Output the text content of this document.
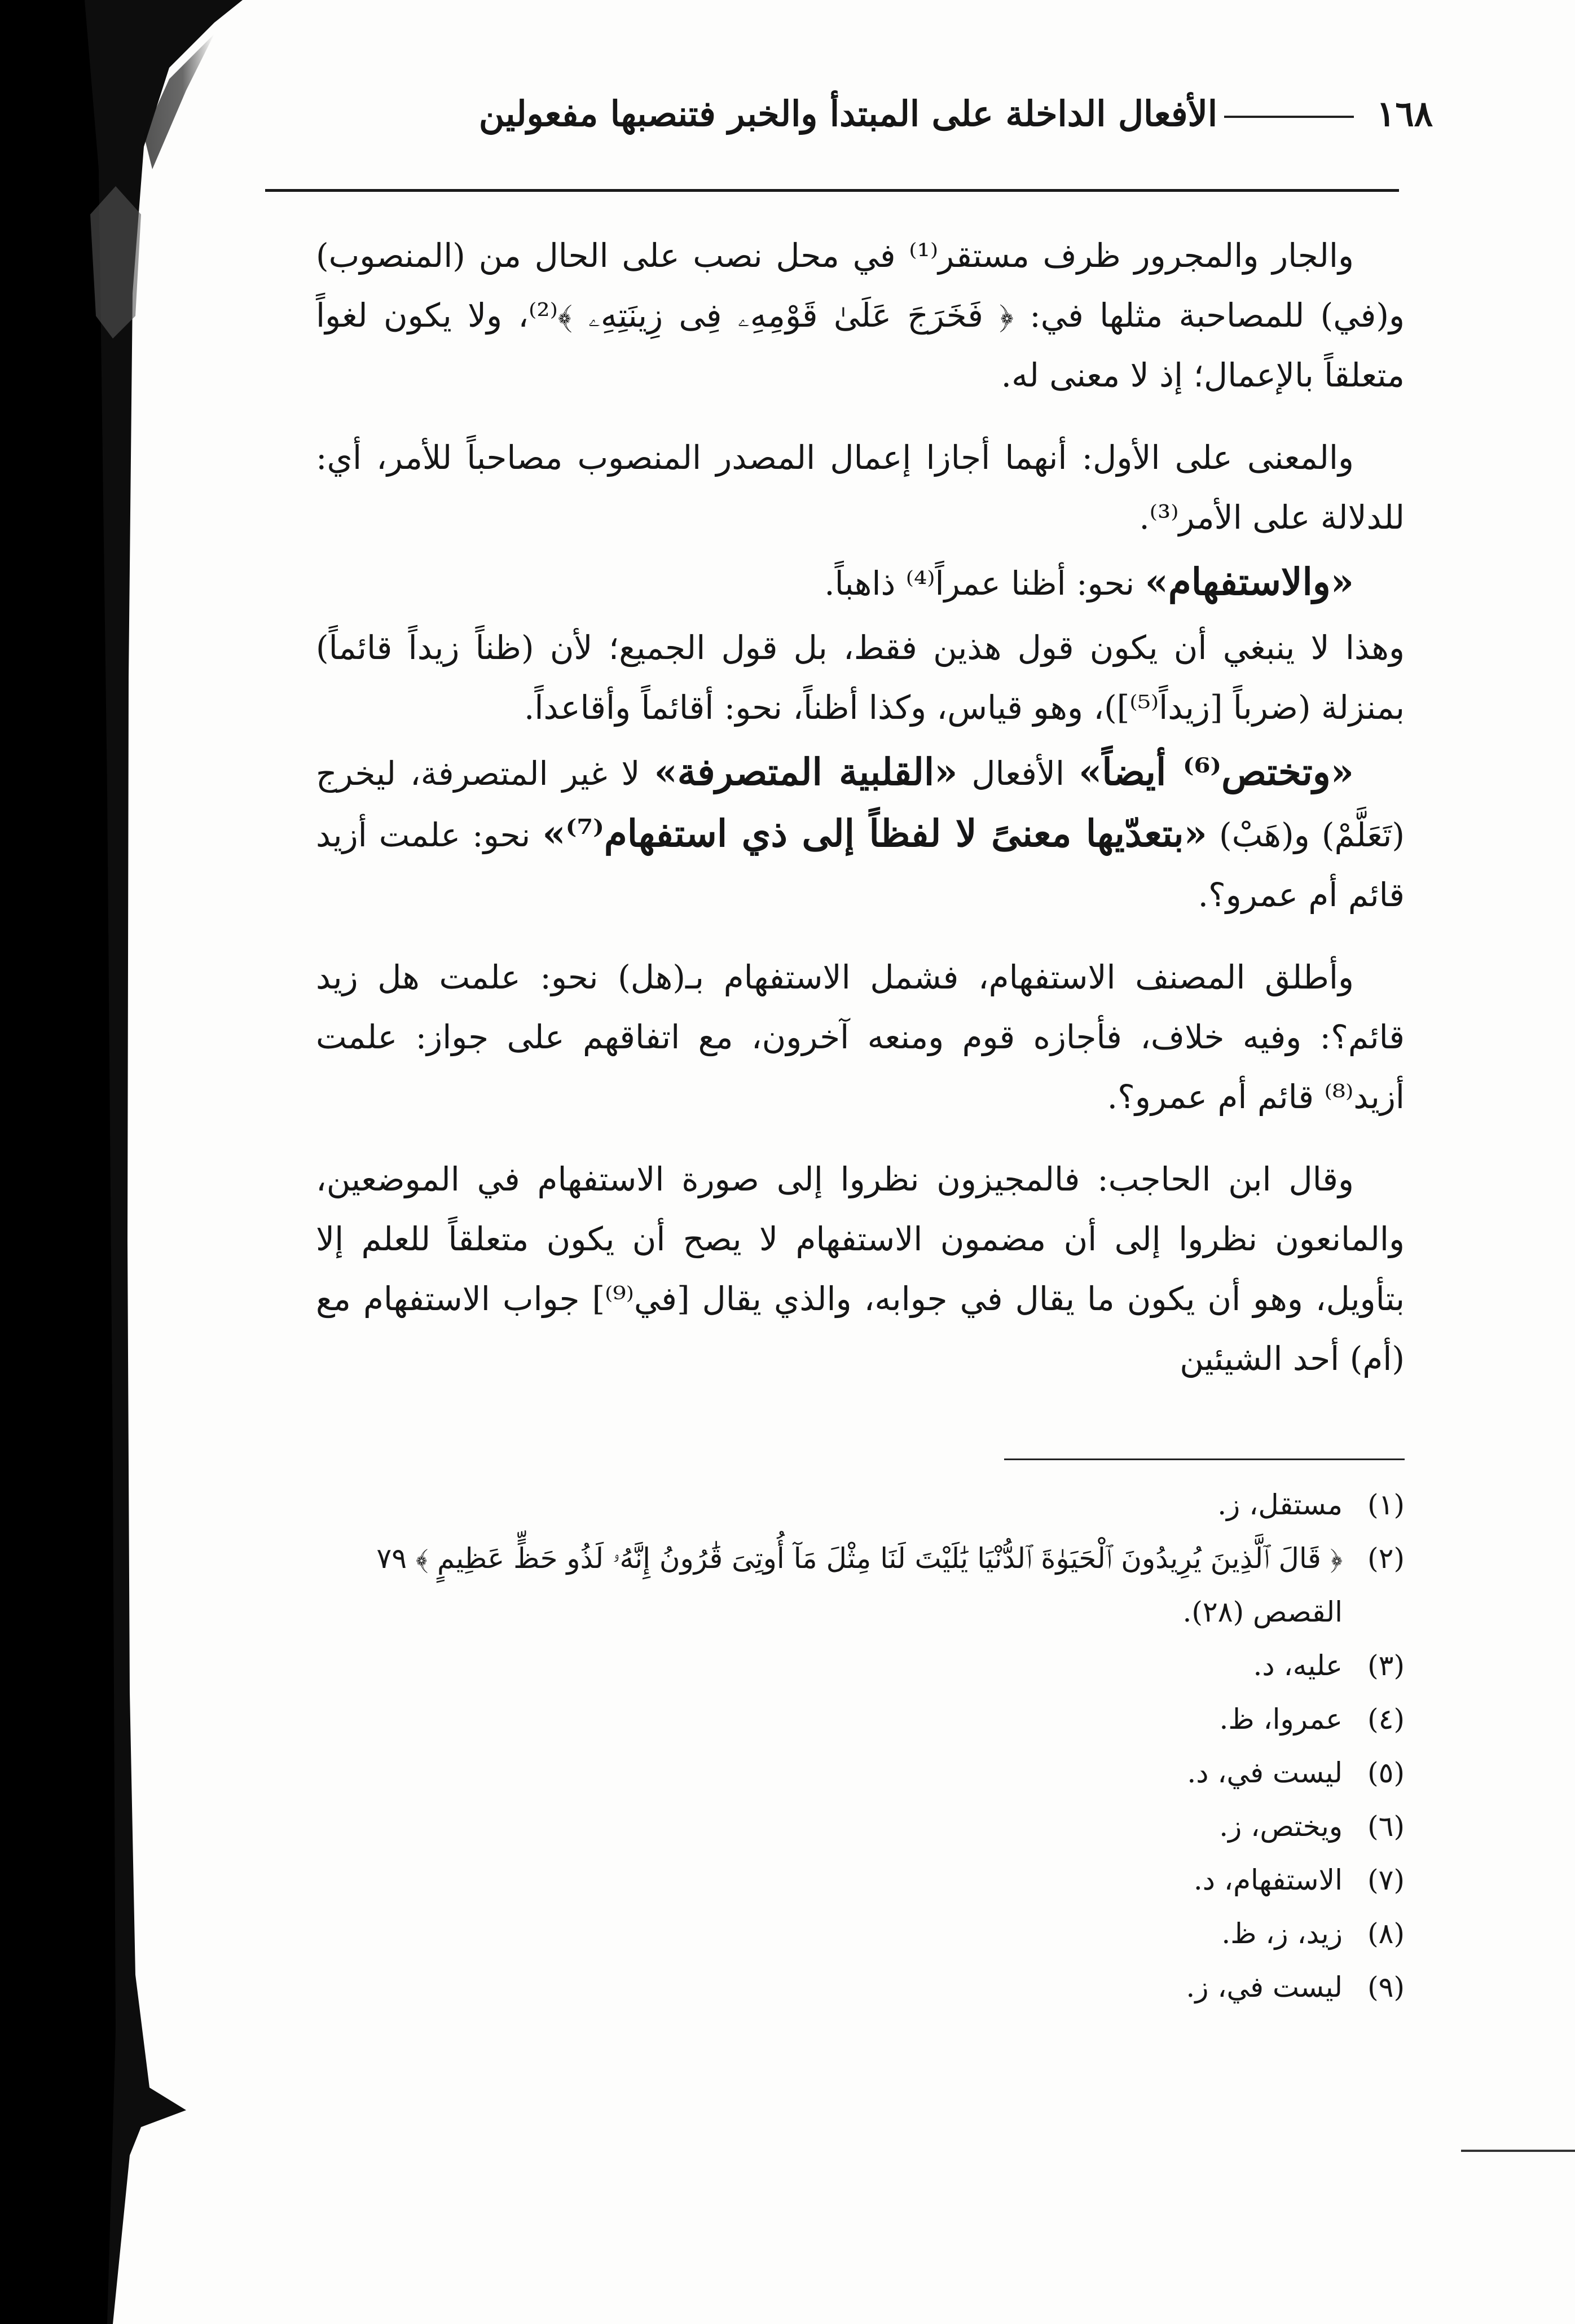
١٦٨الأفعال الداخلة على المبتدأ والخبر فتنصبها مفعولين

والجار والمجرور ظرف مستقر⁽¹⁾ في محل نصب على الحال من (المنصوب) و(في) للمصاحبة مثلها في: ﴿ فَخَرَجَ عَلَىٰ قَوْمِهِۦ فِى زِينَتِهِۦ ﴾⁽²⁾، ولا يكون لغواً متعلقاً بالإعمال؛ إذ لا معنى له.

والمعنى على الأول: أنهما أجازا إعمال المصدر المنصوب مصاحباً للأمر، أي: للدلالة على الأمر⁽³⁾.

«والاستفهام» نحو: أظنا عمراً⁽⁴⁾ ذاهباً.

وهذا لا ينبغي أن يكون قول هذين فقط، بل قول الجميع؛ لأن (ظناً زيداً قائماً) بمنزلة (ضرباً [زيداً⁽⁵⁾])، وهو قياس، وكذا أظناً، نحو: أقائماً وأقاعداً.

«وتختص⁽⁶⁾ أيضاً» الأفعال «القلبية المتصرفة» لا غير المتصرفة، ليخرج (تَعَلَّمْ) و(هَبْ) «بتعدّيها معنىً لا لفظاً إلى ذي استفهام⁽⁷⁾» نحو: علمت أزيد قائم أم عمرو؟.

وأطلق المصنف الاستفهام، فشمل الاستفهام بـ(هل) نحو: علمت هل زيد قائم؟: وفيه خلاف، فأجازه قوم ومنعه آخرون، مع اتفاقهم على جواز: علمت أزيد⁽⁸⁾ قائم أم عمرو؟.

وقال ابن الحاجب: فالمجيزون نظروا إلى صورة الاستفهام في الموضعين، والمانعون نظروا إلى أن مضمون الاستفهام لا يصح أن يكون متعلقاً للعلم إلا بتأويل، وهو أن يكون ما يقال في جوابه، والذي يقال [في⁽⁹⁾] جواب الاستفهام مع (أم) أحد الشيئين

(١)
مستقل، ز.
(٢)
﴿ قَالَ ٱلَّذِينَ يُرِيدُونَ ٱلْحَيَوٰةَ ٱلدُّنْيَا يَٰلَيْتَ لَنَا مِثْلَ مَآ أُوتِىَ قَٰرُونُ إِنَّهُۥ لَذُو حَظٍّ عَظِيمٍ ﴾ ٧٩
القصص (٢٨).
(٣)
عليه، د.
(٤)
عمروا، ظ.
(٥)
ليست في، د.
(٦)
ويختص، ز.
(٧)
الاستفهام، د.
(٨)
زيد، ز، ظ.
(٩)
ليست في، ز.
